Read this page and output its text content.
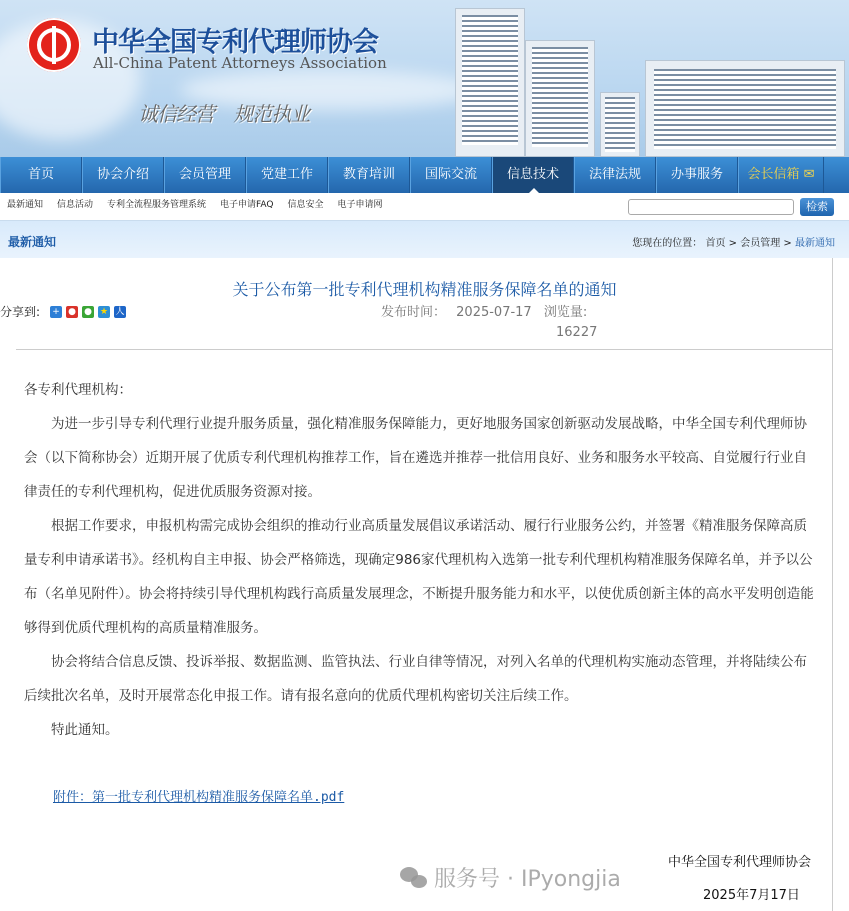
中华全国专利代理师协会
All-China Patent Attorneys Association
诚信经营 规范执业
首页	协会介绍	会员管理	党建工作	教育培训	国际交流	信息技术	法律法规	办事服务	会长信箱 ✉
最新通知 信息活动 专利全流程服务管理系统 电子申请FAQ 信息安全 电子申请网	检索
最新通知	您现在的位置： 首页 > 会员管理 > 最新通知
关于公布第一批专利代理机构精准服务保障名单的通知
分享到: + ● ● ★ 人	发布时间： 2025-07-17 浏览量:
16227

各专利代理机构：

为进一步引导专利代理行业提升服务质量，强化精准服务保障能力，更好地服务国家创新驱动发展战略，中华全国专利代理师协会（以下简称协会）近期开展了优质专利代理机构推荐工作，旨在遴选并推荐一批信用良好、业务和服务水平较高、自觉履行行业自律责任的专利代理机构，促进优质服务资源对接。

根据工作要求，申报机构需完成协会组织的推动行业高质量发展倡议承诺活动、履行行业服务公约，并签署《精准服务保障高质量专利申请承诺书》。经机构自主申报、协会严格筛选，现确定986家代理机构入选第一批专利代理机构精准服务保障名单，并予以公布（名单见附件）。协会将持续引导代理机构践行高质量发展理念，不断提升服务能力和水平，以使优质创新主体的高水平发明创造能够得到优质代理机构的高质量精准服务。

协会将结合信息反馈、投诉举报、数据监测、监管执法、行业自律等情况，对列入名单的代理机构实施动态管理，并将陆续公布后续批次名单，及时开展常态化申报工作。请有报名意向的优质代理机构密切关注后续工作。

特此通知。

附件：第一批专利代理机构精准服务保障名单.pdf
服务号 · IPyongjia
中华全国专利代理师协会
2025年7月17日
